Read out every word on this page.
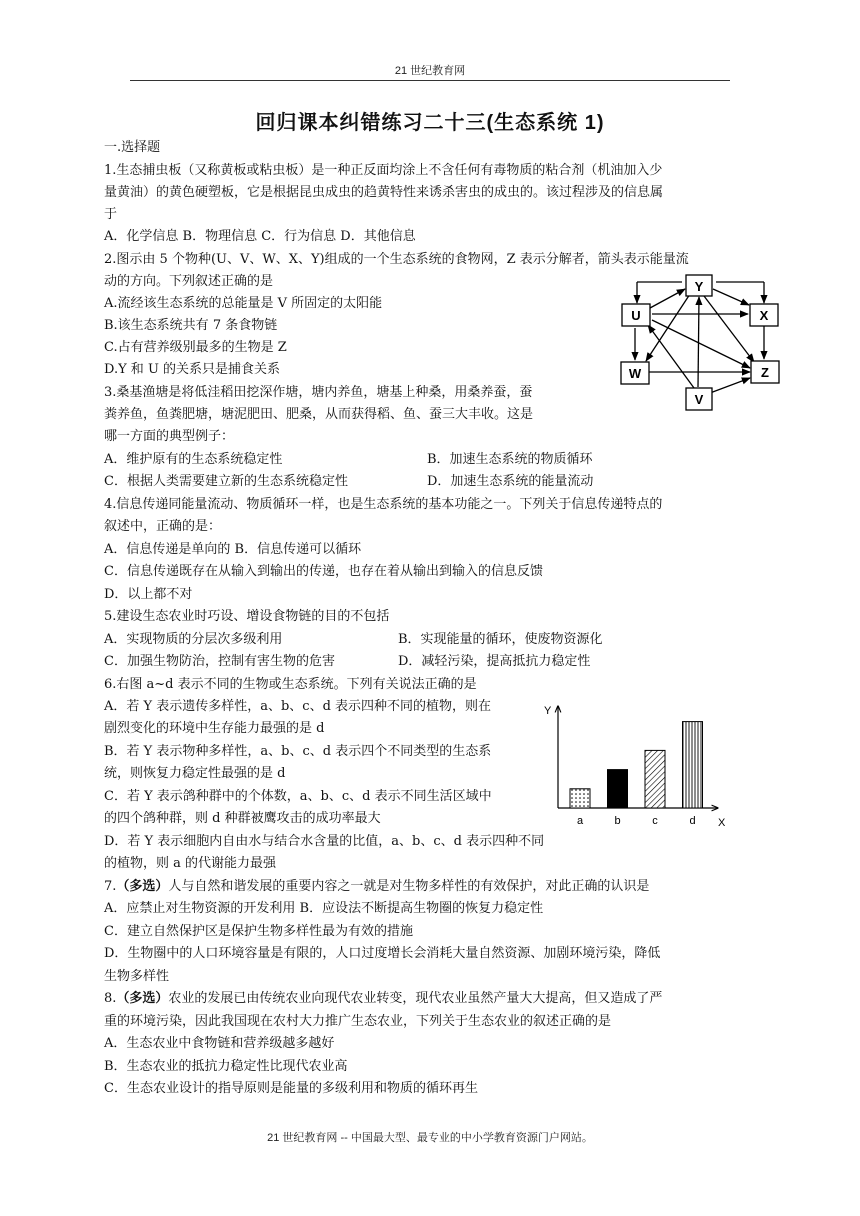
21 世纪教育网
回归课本纠错练习二十三(生态系统 1)
一.选择题
1.生态捕虫板（又称黄板或粘虫板）是一种正反面均涂上不含任何有毒物质的粘合剂（机油加入少
量黄油）的黄色硬塑板，它是根据昆虫成虫的趋黄特性来诱杀害虫的成虫的。该过程涉及的信息属
于
A．化学信息 B．物理信息 C．行为信息 D．其他信息
2.图示由 5 个物种(U、V、W、X、Y)组成的一个生态系统的食物网，Z 表示分解者，箭头表示能量流
动的方向。下列叙述正确的是
A.流经该生态系统的总能量是 V 所固定的太阳能
B.该生态系统共有 7 条食物链
C.占有营养级别最多的生物是 Z
D.Y 和 U 的关系只是捕食关系
Y
U	X
W	Z
V
3.桑基渔塘是将低洼稻田挖深作塘，塘内养鱼，塘基上种桑，用桑养蚕，蚕
粪养鱼，鱼粪肥塘，塘泥肥田、肥桑，从而获得稻、鱼、蚕三大丰收。这是
哪一方面的典型例子：
A．维护原有的生态系统稳定性	B．加速生态系统的物质循环
C．根据人类需要建立新的生态系统稳定性	D．加速生态系统的能量流动
4.信息传递同能量流动、物质循环一样，也是生态系统的基本功能之一。下列关于信息传递特点的
叙述中，正确的是：
A．信息传递是单向的 B．信息传递可以循环
C．信息传递既存在从输入到输出的传递，也存在着从输出到输入的信息反馈
D．以上都不对
5.建设生态农业时巧设、增设食物链的目的不包括
A．实现物质的分层次多级利用	B．实现能量的循环，使废物资源化
C．加强生物防治，控制有害生物的危害	D．减轻污染，提高抵抗力稳定性
6.右图 a~d 表示不同的生物或生态系统。下列有关说法正确的是
A．若 Y 表示遗传多样性，a、b、c、d 表示四种不同的植物，则在
剧烈变化的环境中生存能力最强的是 d
B．若 Y 表示物种多样性，a、b、c、d 表示四个不同类型的生态系
统，则恢复力稳定性最强的是 d
C．若 Y 表示鸽种群中的个体数，a、b、c、d 表示不同生活区域中
的四个鸽种群，则 d 种群被鹰攻击的成功率最大
D．若 Y 表示细胞内自由水与结合水含量的比值，a、b、c、d 表示四种不同
的植物，则 a 的代谢能力最强
Y
X
a	b	c	d
7.（多选）人与自然和谐发展的重要内容之一就是对生物多样性的有效保护，对此正确的认识是
A．应禁止对生物资源的开发利用 B．应设法不断提高生物圈的恢复力稳定性
C．建立自然保护区是保护生物多样性最为有效的措施
D．生物圈中的人口环境容量是有限的，人口过度增长会消耗大量自然资源、加剧环境污染，降低
生物多样性
8.（多选）农业的发展已由传统农业向现代农业转变，现代农业虽然产量大大提高，但又造成了严
重的环境污染，因此我国现在农村大力推广生态农业，下列关于生态农业的叙述正确的是
A．生态农业中食物链和营养级越多越好
B．生态农业的抵抗力稳定性比现代农业高
C．生态农业设计的指导原则是能量的多级利用和物质的循环再生
21 世纪教育网 -- 中国最大型、最专业的中小学教育资源门户网站。
